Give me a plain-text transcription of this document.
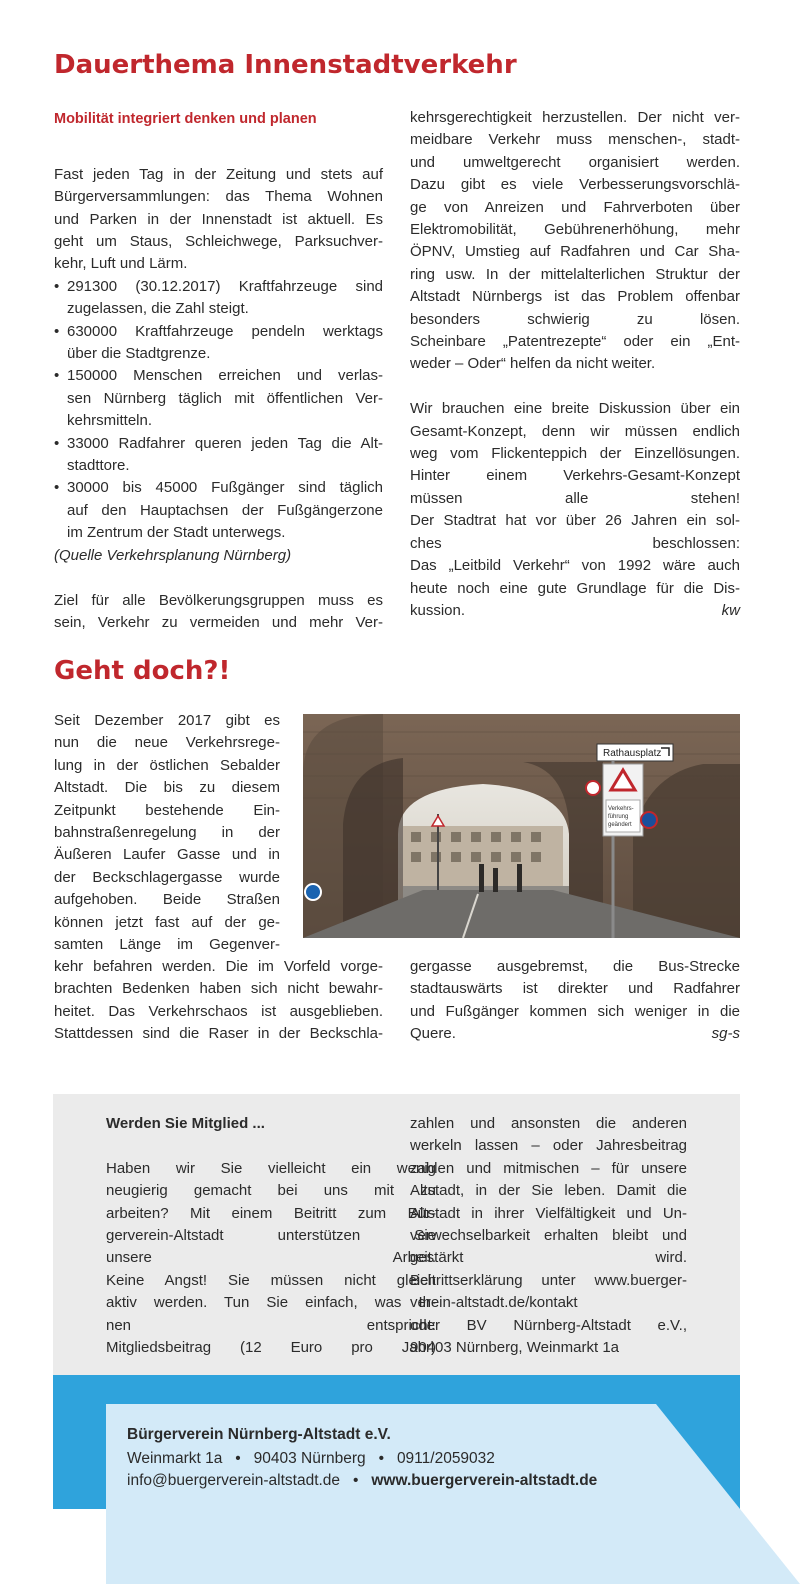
Dauerthema Innenstadtverkehr
Mobilität integriert denken und planen
Fast jeden Tag in der Zeitung und stets auf
Bürgerversammlungen: das Thema Wohnen
und Parken in der Innenstadt ist aktuell. Es
geht um Staus, Schleichwege, Parksuchver-
kehr, Luft und Lärm.
• 291300 (30.12.2017) Kraftfahrzeuge sind
zugelassen, die Zahl steigt.
• 630000 Kraftfahrzeuge pendeln werktags
über die Stadtgrenze.
• 150000 Menschen erreichen und verlas-
sen Nürnberg täglich mit öffentlichen Ver-
kehrsmitteln.
• 33000 Radfahrer queren jeden Tag die Alt-
stadttore.
• 30000 bis 45000 Fußgänger sind täglich
auf den Hauptachsen der Fußgängerzone
im Zentrum der Stadt unterwegs.
(Quelle Verkehrsplanung Nürnberg)
Ziel für alle Bevölkerungsgruppen muss es
sein, Verkehr zu vermeiden und mehr Ver-
kehrsgerechtigkeit herzustellen. Der nicht ver-
meidbare Verkehr muss menschen-, stadt-
und umweltgerecht organisiert werden.
Dazu gibt es viele Verbesserungsvorschlä-
ge von Anreizen und Fahrverboten über
Elektromobilität, Gebührenerhöhung, mehr
ÖPNV, Umstieg auf Radfahren und Car Sha-
ring usw. In der mittelalterlichen Struktur der
Altstadt Nürnbergs ist das Problem offenbar
besonders schwierig zu lösen.
Scheinbare „Patentrezepte“ oder ein „Ent-
weder – Oder“ helfen da nicht weiter.
Wir brauchen eine breite Diskussion über ein
Gesamt-Konzept, denn wir müssen endlich
weg vom Flickenteppich der Einzellösungen.
Hinter einem Verkehrs-Gesamt-Konzept
müssen alle stehen!
Der Stadtrat hat vor über 26 Jahren ein sol-
ches beschlossen:
Das „Leitbild Verkehr“ von 1992 wäre auch
heute noch eine gute Grundlage für die Dis-
kussion.	kw
Geht doch?!
Seit Dezember 2017 gibt es
nun die neue Verkehrsrege-
lung in der östlichen Sebalder
Altstadt. Die bis zu diesem
Zeitpunkt bestehende Ein-
bahnstraßenregelung in der
Äußeren Laufer Gasse und in
der Beckschlagergasse wurde
aufgehoben. Beide Straßen
können jetzt fast auf der ge-
samten Länge im Gegenver-
kehr befahren werden. Die im Vorfeld vorge-
brachten Bedenken haben sich nicht bewahr-
heitet. Das Verkehrschaos ist ausgeblieben.
Stattdessen sind die Raser in der Beckschla-
gergasse ausgebremst, die Bus-Strecke
stadtauswärts ist direkter und Radfahrer
und Fußgänger kommen sich weniger in die
Quere.	sg-s
Rathausplatz
Verkehrs-
führung
geändert
Werden Sie Mitglied ...
Haben wir Sie vielleicht ein wenig
neugierig gemacht bei uns mit zu
arbeiten? Mit einem Beitritt zum Bür-
gerverein-Altstadt unterstützen Sie
unsere Arbeit.
Keine Angst! Sie müssen nicht gleich
aktiv werden. Tun Sie einfach, was Ih-
nen entspricht:
Mitgliedsbeitrag (12 Euro pro Jahr)
zahlen und ansonsten die anderen
werkeln lassen – oder Jahresbeitrag
zahlen und mitmischen – für unsere
Altstadt, in der Sie leben. Damit die
Altstadt in ihrer Vielfältigkeit und Un-
verwechselbarkeit erhalten bleibt und
gestärkt wird.
Beitrittserklärung unter www.buerger-
verein-altstadt.de/kontakt
oder BV Nürnberg-Altstadt e.V.,
90403 Nürnberg, Weinmarkt 1a
Bürgerverein Nürnberg-Altstadt e.V.
Weinmarkt 1a • 90403 Nürnberg • 0911/2059032
info@buergerverein-altstadt.de • www.buergerverein-altstadt.de
